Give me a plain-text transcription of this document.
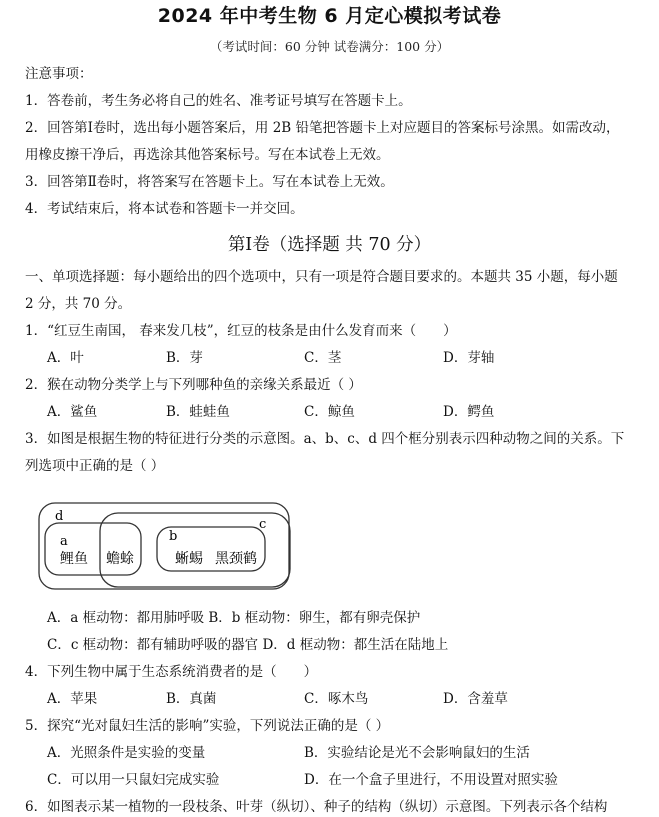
2024 年中考生物 6 月定心模拟考试卷
（考试时间：60 分钟 试卷满分：100 分）
注意事项：
1．答卷前，考生务必将自己的姓名、准考证号填写在答题卡上。
2．回答第Ⅰ卷时，选出每小题答案后，用 2B 铅笔把答题卡上对应题目的答案标号涂黑。如需改动，
用橡皮擦干净后，再选涂其他答案标号。写在本试卷上无效。
3．回答第Ⅱ卷时，将答案写在答题卡上。写在本试卷上无效。
4．考试结束后，将本试卷和答题卡一并交回。
第Ⅰ卷（选择题 共 70 分）
一、单项选择题：每小题给出的四个选项中，只有一项是符合题目要求的。本题共 35 小题，每小题
2 分，共 70 分。
1．“红豆生南国， 春来发几枝”，红豆的枝条是由什么发育而来（　　）
A．叶	B．芽	C．茎	D．芽轴
2．猴在动物分类学上与下列哪种鱼的亲缘关系最近（ ）
A．鲨鱼	B．蛙蛙鱼	C．鲸鱼	D．鳄鱼
3．如图是根据生物的特征进行分类的示意图。a、b、c、d 四个框分别表示四种动物之间的关系。下
列选项中正确的是（ ）
d
a	b
c
鲤鱼 蟾蜍	蜥蜴 黑颈鹤
A．a 框动物：都用肺呼吸 B．b 框动物：卵生，都有卵壳保护
C．c 框动物：都有辅助呼吸的器官 D．d 框动物：都生活在陆地上
4．下列生物中属于生态系统消费者的是（　　）
A．苹果	B．真菌	C．啄木鸟	D．含羞草
5．探究“光对鼠妇生活的影响”实验，下列说法正确的是（ ）
A．光照条件是实验的变量	B．实验结论是光不会影响鼠妇的生活
C．可以用一只鼠妇完成实验	D．在一个盒子里进行，不用设置对照实验
6．如图表示某一植物的一段枝条、叶芽（纵切）、种子的结构（纵切）示意图。下列表示各个结构
